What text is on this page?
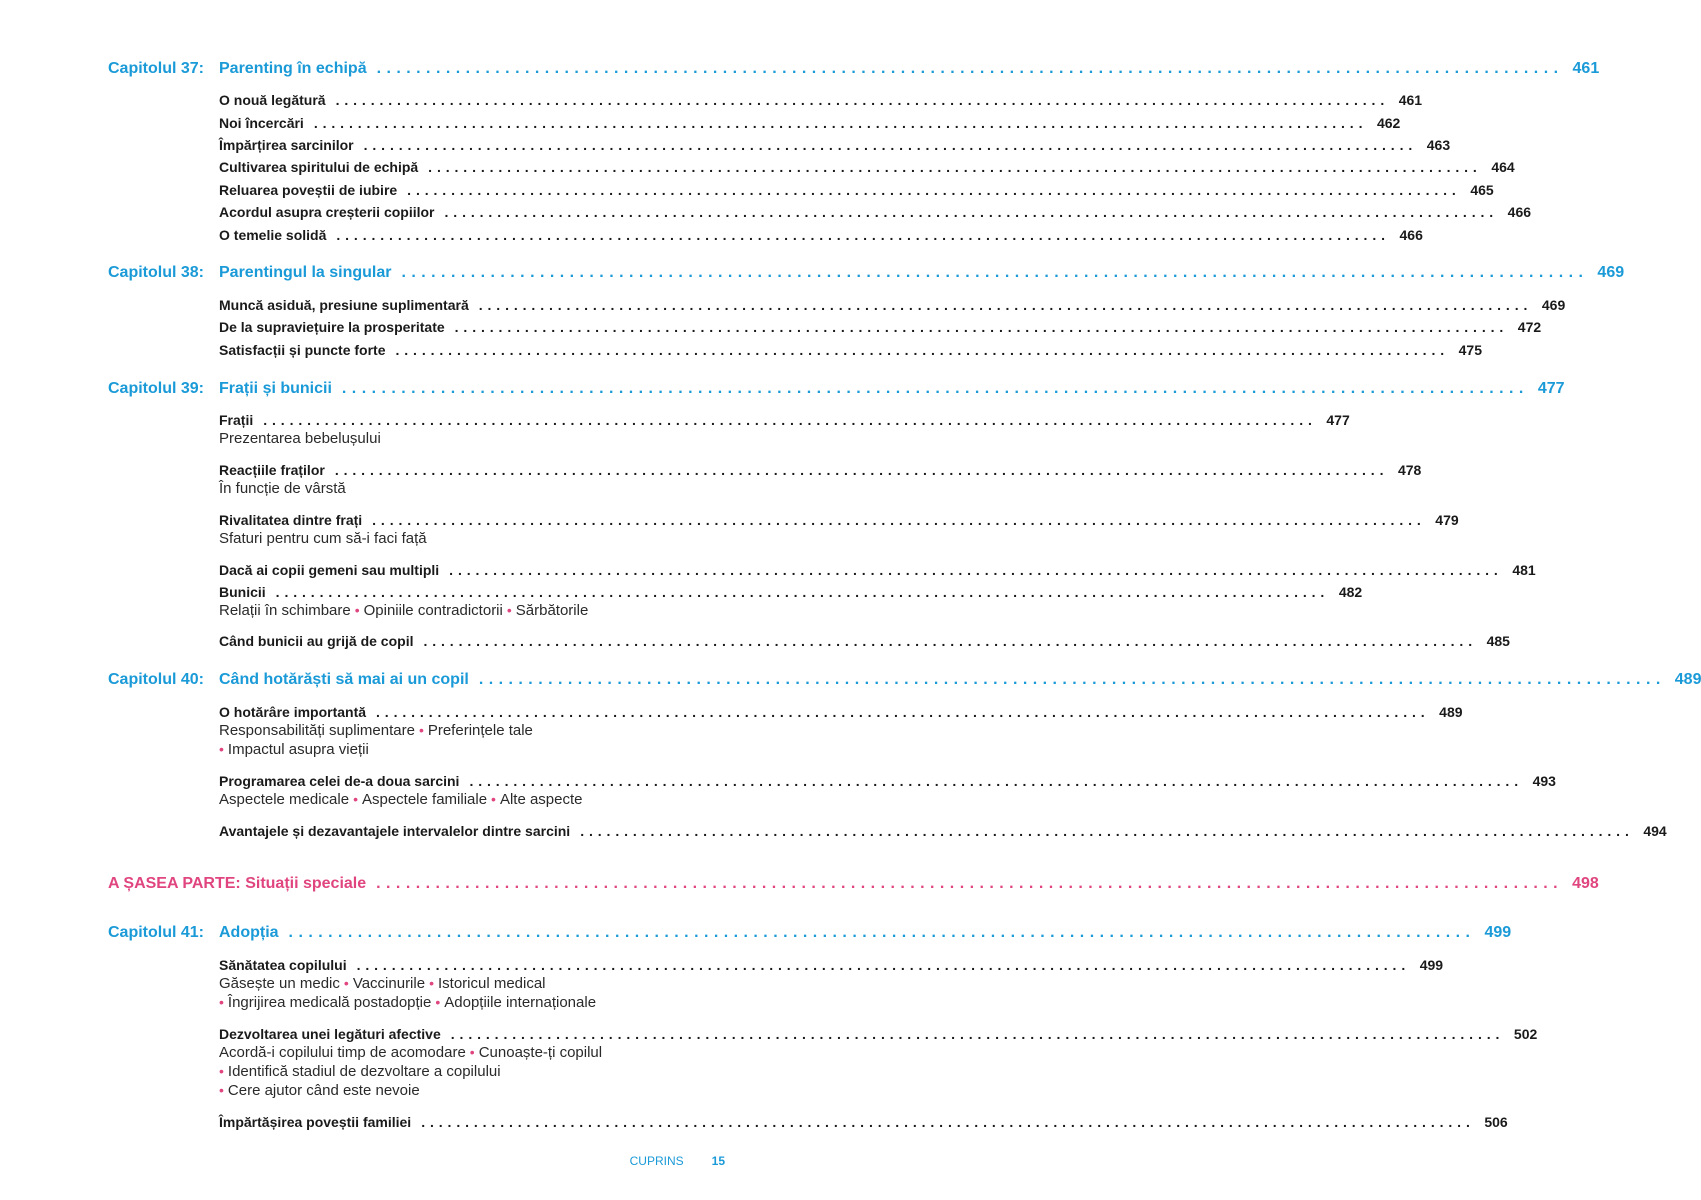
Capitolul 37: Parenting în echipă . . . . . . . . . . . . . . . . . . . . . . . . . . . . . . . . . . . . . . . . . . . . . . . . . . . . . . . . . . . . . . . . . . . . . . . . . . . . . . . . . . . . . . . . . . . . . . . . . . . . . . . . . . . . . . . . . . . . . . . . 461
O nouă legătură . . . . . . . . . . . . . . . . . . . . . . . . . . . . . . . . . . . . . . . . . . . . . . . . . . . . . . . . . . . . . . . . . . . . . . . . . . . . . . . . . . . . . . . . . . . . . . . . . . . . . . . . . . . . . . . . . . . . . . . . 461
Noi încercări . . . . . . . . . . . . . . . . . . . . . . . . . . . . . . . . . . . . . . . . . . . . . . . . . . . . . . . . . . . . . . . . . . . . . . . . . . . . . . . . . . . . . . . . . . . . . . . . . . . . . . . . . . . . . . . . . . . . . . . . 462
Împărțirea sarcinilor . . . . . . . . . . . . . . . . . . . . . . . . . . . . . . . . . . . . . . . . . . . . . . . . . . . . . . . . . . . . . . . . . . . . . . . . . . . . . . . . . . . . . . . . . . . . . . . . . . . . . . . . . . . . . . . . . . . . . . . . 463
Cultivarea spiritului de echipă . . . . . . . . . . . . . . . . . . . . . . . . . . . . . . . . . . . . . . . . . . . . . . . . . . . . . . . . . . . . . . . . . . . . . . . . . . . . . . . . . . . . . . . . . . . . . . . . . . . . . . . . . . . . . . . . . . . . . . . . 464
Reluarea poveștii de iubire . . . . . . . . . . . . . . . . . . . . . . . . . . . . . . . . . . . . . . . . . . . . . . . . . . . . . . . . . . . . . . . . . . . . . . . . . . . . . . . . . . . . . . . . . . . . . . . . . . . . . . . . . . . . . . . . . . . . . . . . 465
Acordul asupra creșterii copiilor . . . . . . . . . . . . . . . . . . . . . . . . . . . . . . . . . . . . . . . . . . . . . . . . . . . . . . . . . . . . . . . . . . . . . . . . . . . . . . . . . . . . . . . . . . . . . . . . . . . . . . . . . . . . . . . . . . . . . . . . 466
O temelie solidă . . . . . . . . . . . . . . . . . . . . . . . . . . . . . . . . . . . . . . . . . . . . . . . . . . . . . . . . . . . . . . . . . . . . . . . . . . . . . . . . . . . . . . . . . . . . . . . . . . . . . . . . . . . . . . . . . . . . . . . . 466
Capitolul 38: Parentingul la singular . . . . . . . . . . . . . . . . . . . . . . . . . . . . . . . . . . . . . . . . . . . . . . . . . . . . . . . . . . . . . . . . . . . . . . . . . . . . . . . . . . . . . . . . . . . . . . . . . . . . . . . . . . . . . . . . . . . . . . . . 469
Muncă asiduă, presiune suplimentară . . . . . . . . . . . . . . . . . . . . . . . . . . . . . . . . . . . . . . . . . . . . . . . . . . . . . . . . . . . . . . . . . . . . . . . . . . . . . . . . . . . . . . . . . . . . . . . . . . . . . . . . . . . . . . . . . . . . . . . . 469
De la supraviețuire la prosperitate . . . . . . . . . . . . . . . . . . . . . . . . . . . . . . . . . . . . . . . . . . . . . . . . . . . . . . . . . . . . . . . . . . . . . . . . . . . . . . . . . . . . . . . . . . . . . . . . . . . . . . . . . . . . . . . . . . . . . . . . 472
Satisfacții și puncte forte . . . . . . . . . . . . . . . . . . . . . . . . . . . . . . . . . . . . . . . . . . . . . . . . . . . . . . . . . . . . . . . . . . . . . . . . . . . . . . . . . . . . . . . . . . . . . . . . . . . . . . . . . . . . . . . . . . . . . . . . 475
Capitolul 39: Frații și bunicii . . . . . . . . . . . . . . . . . . . . . . . . . . . . . . . . . . . . . . . . . . . . . . . . . . . . . . . . . . . . . . . . . . . . . . . . . . . . . . . . . . . . . . . . . . . . . . . . . . . . . . . . . . . . . . . . . . . . . . . . 477
Frații . . . . . . . . . . . . . . . . . . . . . . . . . . . . . . . . . . . . . . . . . . . . . . . . . . . . . . . . . . . . . . . . . . . . . . . . . . . . . . . . . . . . . . . . . . . . . . . . . . . . . . . . . . . . . . . . . . . . . . . . 477
Prezentarea bebelușului
Reacțiile fraților . . . . . . . . . . . . . . . . . . . . . . . . . . . . . . . . . . . . . . . . . . . . . . . . . . . . . . . . . . . . . . . . . . . . . . . . . . . . . . . . . . . . . . . . . . . . . . . . . . . . . . . . . . . . . . . . . . . . . . . . 478
În funcție de vârstă
Rivalitatea dintre frați . . . . . . . . . . . . . . . . . . . . . . . . . . . . . . . . . . . . . . . . . . . . . . . . . . . . . . . . . . . . . . . . . . . . . . . . . . . . . . . . . . . . . . . . . . . . . . . . . . . . . . . . . . . . . . . . . . . . . . . . 479
Sfaturi pentru cum să-i faci față
Dacă ai copii gemeni sau multipli . . . . . . . . . . . . . . . . . . . . . . . . . . . . . . . . . . . . . . . . . . . . . . . . . . . . . . . . . . . . . . . . . . . . . . . . . . . . . . . . . . . . . . . . . . . . . . . . . . . . . . . . . . . . . . . . . . . . . . . . 481
Bunicii . . . . . . . . . . . . . . . . . . . . . . . . . . . . . . . . . . . . . . . . . . . . . . . . . . . . . . . . . . . . . . . . . . . . . . . . . . . . . . . . . . . . . . . . . . . . . . . . . . . . . . . . . . . . . . . . . . . . . . . . 482
Relații în schimbare • Opiniile contradictorii • Sărbătorile
Când bunicii au grijă de copil . . . . . . . . . . . . . . . . . . . . . . . . . . . . . . . . . . . . . . . . . . . . . . . . . . . . . . . . . . . . . . . . . . . . . . . . . . . . . . . . . . . . . . . . . . . . . . . . . . . . . . . . . . . . . . . . . . . . . . . . 485
Capitolul 40: Când hotărăști să mai ai un copil . . . . . . . . . . . . . . . . . . . . . . . . . . . . . . . . . . . . . . . . . . . . . . . . . . . . . . . . . . . . . . . . . . . . . . . . . . . . . . . . . . . . . . . . . . . . . . . . . . . . . . . . . . . . . . . . . . . . . . . . 489
O hotărâre importantă . . . . . . . . . . . . . . . . . . . . . . . . . . . . . . . . . . . . . . . . . . . . . . . . . . . . . . . . . . . . . . . . . . . . . . . . . . . . . . . . . . . . . . . . . . . . . . . . . . . . . . . . . . . . . . . . . . . . . . . . 489
Responsabilități suplimentare • Preferințele tale
• Impactul asupra vieții
Programarea celei de-a doua sarcini . . . . . . . . . . . . . . . . . . . . . . . . . . . . . . . . . . . . . . . . . . . . . . . . . . . . . . . . . . . . . . . . . . . . . . . . . . . . . . . . . . . . . . . . . . . . . . . . . . . . . . . . . . . . . . . . . . . . . . . . 493
Aspectele medicale • Aspectele familiale • Alte aspecte
Avantajele și dezavantajele intervalelor dintre sarcini . . . . . . . . . . . . . . . . . . . . . . . . . . . . . . . . . . . . . . . . . . . . . . . . . . . . . . . . . . . . . . . . . . . . . . . . . . . . . . . . . . . . . . . . . . . . . . . . . . . . . . . . . . . . . . . . . . . . . . . . 494
A ȘASEA PARTE: Situații speciale . . . . . . . . . . . . . . . . . . . . . . . . . . . . . . . . . . . . . . . . . . . . . . . . . . . . . . . . . . . . . . . . . . . . . . . . . . . . . . . . . . . . . . . . . . . . . . . . . . . . . . . . . . . . . . . . . . . . . . . . 498
Capitolul 41: Adopția . . . . . . . . . . . . . . . . . . . . . . . . . . . . . . . . . . . . . . . . . . . . . . . . . . . . . . . . . . . . . . . . . . . . . . . . . . . . . . . . . . . . . . . . . . . . . . . . . . . . . . . . . . . . . . . . . . . . . . . . 499
Sănătatea copilului . . . . . . . . . . . . . . . . . . . . . . . . . . . . . . . . . . . . . . . . . . . . . . . . . . . . . . . . . . . . . . . . . . . . . . . . . . . . . . . . . . . . . . . . . . . . . . . . . . . . . . . . . . . . . . . . . . . . . . . . 499
Găsește un medic • Vaccinurile • Istoricul medical
• Îngrijirea medicală postadopție • Adopțiile internaționale
Dezvoltarea unei legături afective . . . . . . . . . . . . . . . . . . . . . . . . . . . . . . . . . . . . . . . . . . . . . . . . . . . . . . . . . . . . . . . . . . . . . . . . . . . . . . . . . . . . . . . . . . . . . . . . . . . . . . . . . . . . . . . . . . . . . . . . 502
Acordă-i copilului timp de acomodare • Cunoaște-ți copilul
• Identifică stadiul de dezvoltare a copilului
• Cere ajutor când este nevoie
Împărtășirea poveștii familiei . . . . . . . . . . . . . . . . . . . . . . . . . . . . . . . . . . . . . . . . . . . . . . . . . . . . . . . . . . . . . . . . . . . . . . . . . . . . . . . . . . . . . . . . . . . . . . . . . . . . . . . . . . . . . . . . . . . . . . . . 506
CUPRINS 15
